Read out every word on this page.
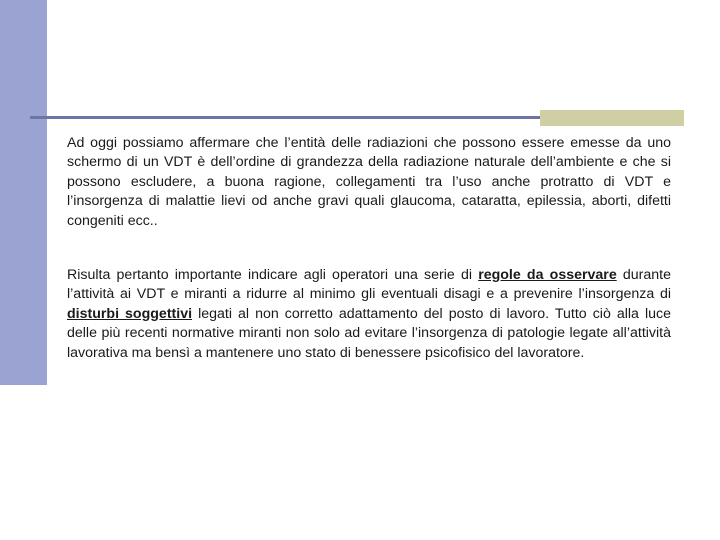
Ad oggi possiamo affermare che l’entità delle radiazioni che possono essere emesse da uno schermo di un VDT è dell’ordine di grandezza della radiazione naturale dell’ambiente e che si possono escludere, a buona ragione, collegamenti tra l’uso anche protratto di VDT e l’insorgenza di malattie lievi od anche gravi quali glaucoma, cataratta, epilessia, aborti, difetti congeniti ecc..

Risulta pertanto importante indicare agli operatori una serie di regole da osservare durante l’attività ai VDT e miranti a ridurre al minimo gli eventuali disagi e a prevenire l’insorgenza di disturbi soggettivi legati al non corretto adattamento del posto di lavoro. Tutto ciò alla luce delle più recenti normative miranti non solo ad evitare l’insorgenza di patologie legate all’attività lavorativa ma bensì a mantenere uno stato di benessere psicofisico del lavoratore.
